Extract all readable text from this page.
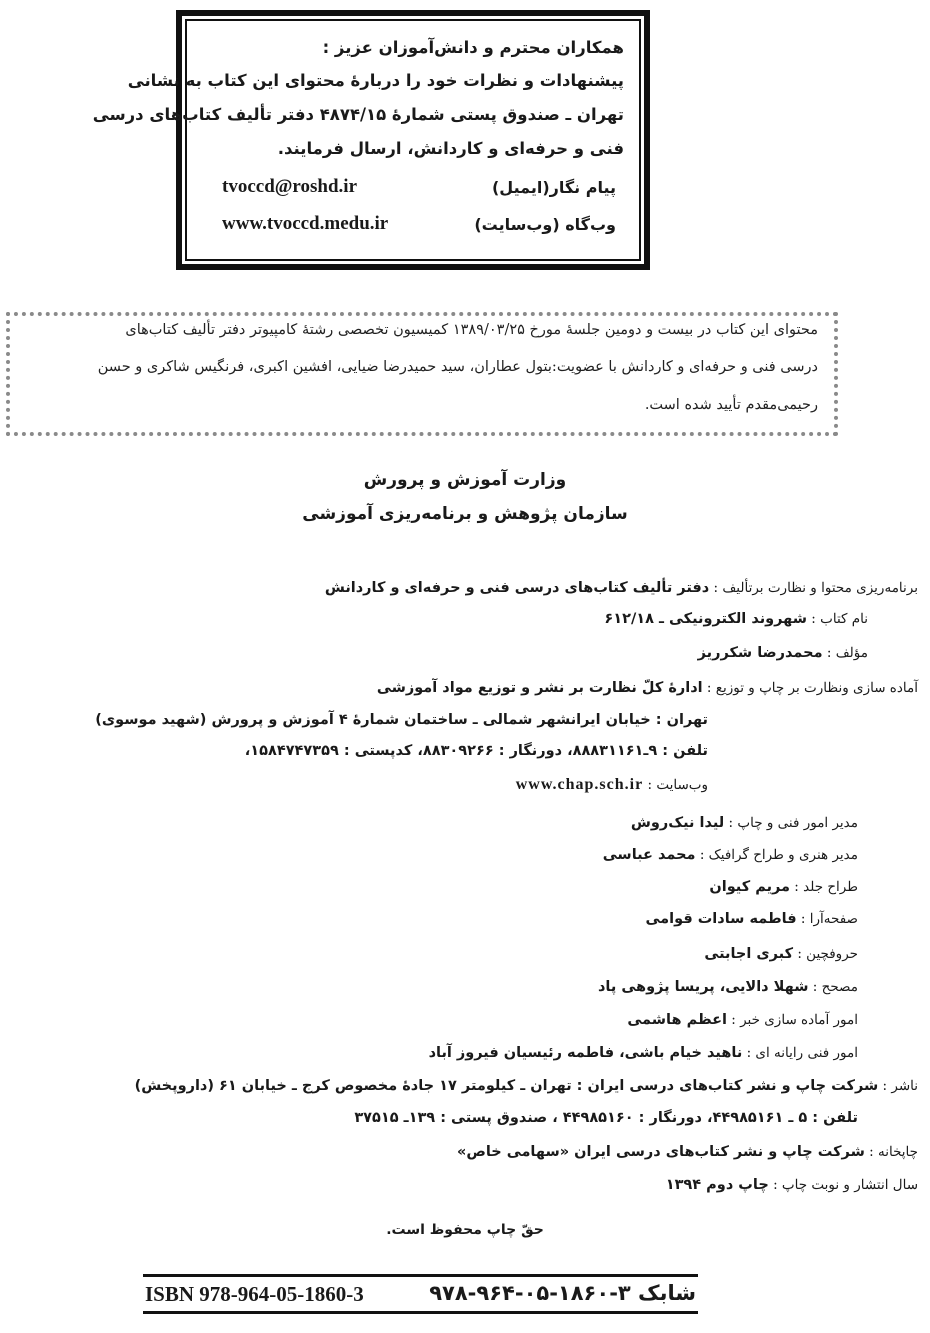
همکاران محترم و دانش‌آموزان عزیز :
پیشنهادات و نظرات خود را دربارهٔ محتوای این کتاب به نشانی
تهران ـ صندوق پستی شمارهٔ ۴۸۷۴/۱۵ دفتر تألیف کتاب‌های درسی
فنی و حرفه‌ای و کاردانش، ارسال فرمایند.
پیام نگار(ایمیل)
tvoccd@roshd.ir
وب‌گاه (وب‌سایت)
www.tvoccd.medu.ir
محتوای این کتاب در بیست و دومین جلسهٔ مورخ ۱۳۸۹/۰۳/۲۵ کمیسیون تخصصی رشتهٔ کامپیوتر دفتر تألیف کتاب‌های
درسی فنی و حرفه‌ای و کاردانش با عضویت:بتول عطاران، سید حمیدرضا ضیایی، افشین اکبری، فرنگیس شاکری و حسن
رحیمی‌مقدم تأیید شده است.
وزارت آموزش و پرورش
سازمان پژوهش و برنامه‌ریزی آموزشی
برنامه‌ریزی محتوا و نظارت برتألیف : دفتر تألیف کتاب‌های درسی فنی و حرفه‌ای و کاردانش
نام کتاب : شهروند الکترونیکی ـ ۶۱۲/۱۸
مؤلف : محمدرضا شکرریز
آماده سازی ونظارت بر چاپ و توزیع : ادارهٔ کلّ نظارت بر نشر و توزیع مواد آموزشی
تهران : خیابان ایرانشهر شمالی ـ ساختمان شمارهٔ ۴ آموزش و پرورش (شهید موسوی)
تلفن : ۹ـ۸۸۸۳۱۱۶۱، دورنگار : ۸۸۳۰۹۲۶۶، کدپستی : ۱۵۸۴۷۴۷۳۵۹،
وب‌سایت : www.chap.sch.ir
مدیر امور فنی و چاپ : لیدا نیک‌روش
مدیر هنری و طراح گرافیک : محمد عباسی
طراح جلد : مریم کیوان
صفحه‌آرا : فاطمه سادات قوامی
حروفچین : کبری اجابتی
مصحح : شهلا دالایی، پریسا پژوهی پاد
امور آماده سازی خبر : اعظم هاشمی
امور فنی رایانه ای : ناهید خیام باشی، فاطمه رئیسیان فیروز آباد
ناشر : شرکت چاپ و نشر کتاب‌های درسی ایران : تهران ـ کیلومتر ۱۷ جادهٔ مخصوص کرج ـ خیابان ۶۱ (داروپخش)
تلفن : ۵ ـ ۴۴۹۸۵۱۶۱، دورنگار : ۴۴۹۸۵۱۶۰ ، صندوق پستی : ۱۳۹ـ ۳۷۵۱۵
چاپخانه : شرکت چاپ و نشر کتاب‌های درسی ایران «سهامی خاص»
سال انتشار و نوبت چاپ : چاپ دوم ۱۳۹۴
حقّ چاپ محفوظ است.
ISBN 978-964-05-1860-3	شابک ۳-۱۸۶۰-۰۵-۹۶۴-۹۷۸
